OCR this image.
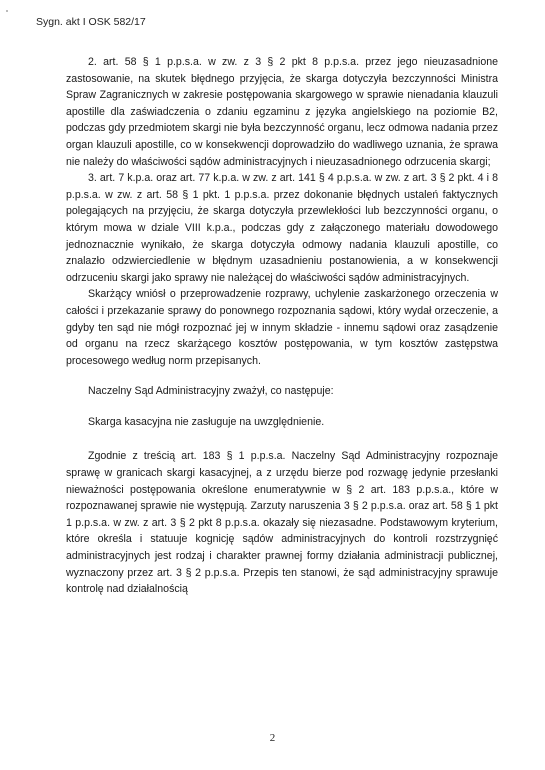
Sygn. akt I OSK 582/17

2. art. 58 § 1 p.p.s.a. w zw. z 3 § 2 pkt 8 p.p.s.a. przez jego nieuzasadnione zastosowanie, na skutek błędnego przyjęcia, że skarga dotyczyła bezczynności Ministra Spraw Zagranicznych w zakresie postępowania skargowego w sprawie nienadania klauzuli apostille dla zaświadczenia o zdaniu egzaminu z języka angielskiego na poziomie B2, podczas gdy przedmiotem skargi nie była bezczynność organu, lecz odmowa nadania przez organ klauzuli apostille, co w konsekwencji doprowadziło do wadliwego uznania, że sprawa nie należy do właściwości sądów administracyjnych i nieuzasadnionego odrzucenia skargi;

3. art. 7 k.p.a. oraz art. 77 k.p.a. w zw. z art. 141 § 4 p.p.s.a. w zw. z art. 3 § 2 pkt. 4 i 8 p.p.s.a. w zw. z art. 58 § 1 pkt. 1 p.p.s.a. przez dokonanie błędnych ustaleń faktycznych polegających na przyjęciu, że skarga dotyczyła przewlekłości lub bezczynności organu, o którym mowa w dziale VIII k.p.a., podczas gdy z załączonego materiału dowodowego jednoznacznie wynikało, że skarga dotyczyła odmowy nadania klauzuli apostille, co znalazło odzwierciedlenie w błędnym uzasadnieniu postanowienia, a w konsekwencji odrzuceniu skargi jako sprawy nie należącej do właściwości sądów administracyjnych.

Skarżący wniósł o przeprowadzenie rozprawy, uchylenie zaskarżonego orzeczenia w całości i przekazanie sprawy do ponownego rozpoznania sądowi, który wydał orzeczenie, a gdyby ten sąd nie mógł rozpoznać jej w innym składzie - innemu sądowi oraz zasądzenie od organu na rzecz skarżącego kosztów postępowania, w tym kosztów zastępstwa procesowego według norm przepisanych.

Naczelny Sąd Administracyjny zważył, co następuje:

Skarga kasacyjna nie zasługuje na uwzględnienie.

Zgodnie z treścią art. 183 § 1 p.p.s.a. Naczelny Sąd Administracyjny rozpoznaje sprawę w granicach skargi kasacyjnej, a z urzędu bierze pod rozwagę jedynie przesłanki nieważności postępowania określone enumeratywnie w § 2 art. 183 p.p.s.a., które w rozpoznawanej sprawie nie występują. Zarzuty naruszenia 3 § 2 p.p.s.a. oraz art. 58 § 1 pkt 1 p.p.s.a. w zw. z art. 3 § 2 pkt 8 p.p.s.a. okazały się niezasadne. Podstawowym kryterium, które określa i statuuje kognicję sądów administracyjnych do kontroli rozstrzygnięć administracyjnych jest rodzaj i charakter prawnej formy działania administracji publicznej, wyznaczony przez art. 3 § 2 p.p.s.a. Przepis ten stanowi, że sąd administracyjny sprawuje kontrolę nad działalnością

2
